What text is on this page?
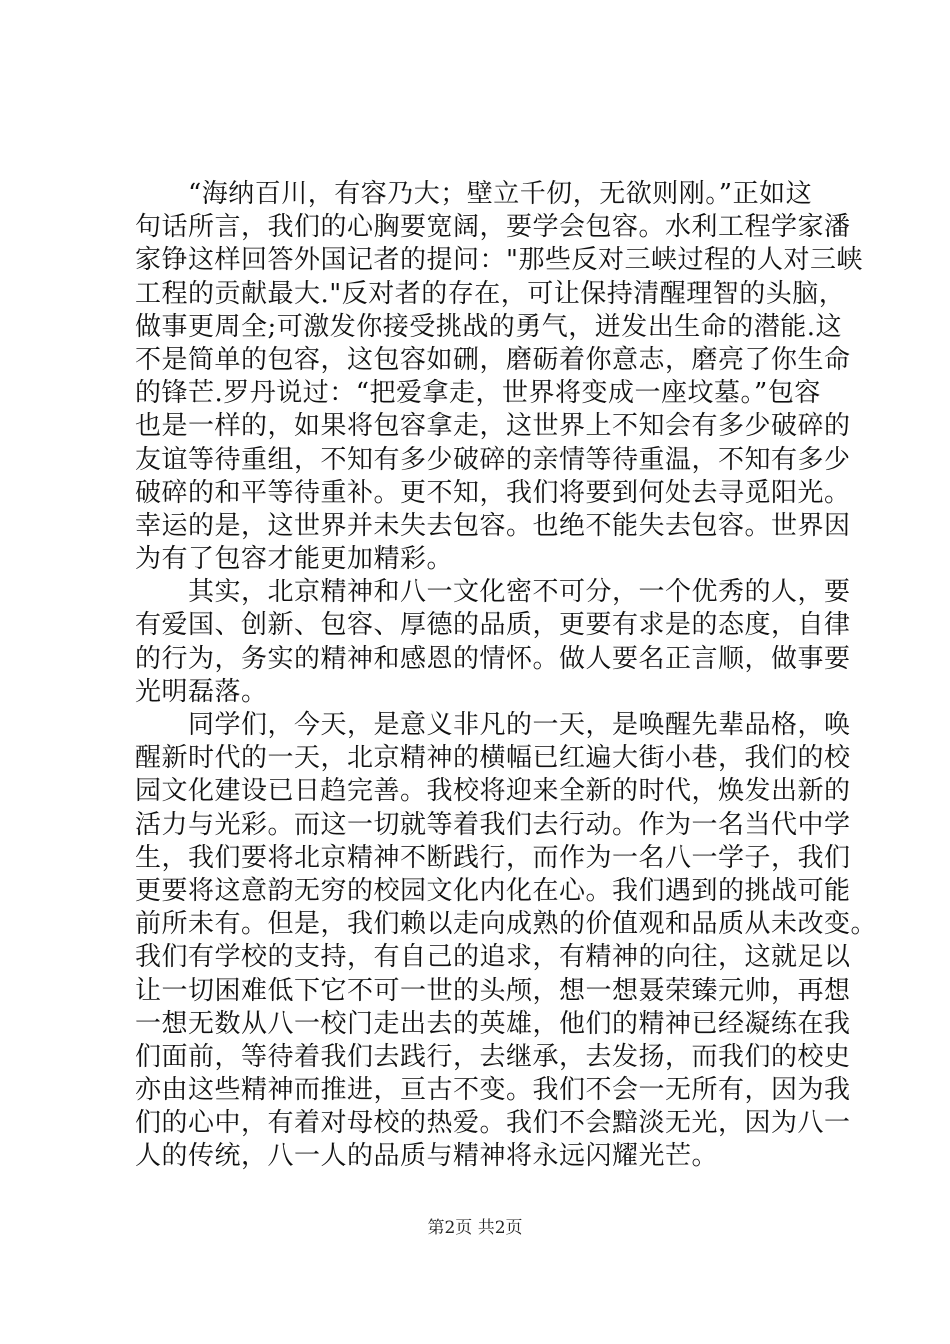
　　“海纳百川，有容乃大；壁立千仞，无欲则刚。”正如这
句话所言，我们的心胸要宽阔，要学会包容。水利工程学家潘
家铮这样回答外国记者的提问："那些反对三峡过程的人对三峡
工程的贡献最大."反对者的存在，可让保持清醒理智的头脑，
做事更周全;可激发你接受挑战的勇气，迸发出生命的潜能.这
不是简单的包容，这包容如硎，磨砺着你意志，磨亮了你生命
的锋芒.罗丹说过：“把爱拿走，世界将变成一座坟墓。”包容
也是一样的，如果将包容拿走，这世界上不知会有多少破碎的
友谊等待重组，不知有多少破碎的亲情等待重温，不知有多少
破碎的和平等待重补。更不知，我们将要到何处去寻觅阳光。
幸运的是，这世界并未失去包容。也绝不能失去包容。世界因
为有了包容才能更加精彩。
　　其实，北京精神和八一文化密不可分，一个优秀的人，要
有爱国、创新、包容、厚德的品质，更要有求是的态度，自律
的行为，务实的精神和感恩的情怀。做人要名正言顺，做事要
光明磊落。
　　同学们，今天，是意义非凡的一天，是唤醒先辈品格，唤
醒新时代的一天，北京精神的横幅已红遍大街小巷，我们的校
园文化建设已日趋完善。我校将迎来全新的时代，焕发出新的
活力与光彩。而这一切就等着我们去行动。作为一名当代中学
生，我们要将北京精神不断践行，而作为一名八一学子，我们
更要将这意韵无穷的校园文化内化在心。我们遇到的挑战可能
前所未有。但是，我们赖以走向成熟的价值观和品质从未改变。
我们有学校的支持，有自己的追求，有精神的向往，这就足以
让一切困难低下它不可一世的头颅，想一想聂荣臻元帅，再想
一想无数从八一校门走出去的英雄，他们的精神已经凝练在我
们面前，等待着我们去践行，去继承，去发扬，而我们的校史
亦由这些精神而推进，亘古不变。我们不会一无所有，因为我
们的心中，有着对母校的热爱。我们不会黯淡无光，因为八一
人的传统，八一人的品质与精神将永远闪耀光芒。
第2页 共2页
